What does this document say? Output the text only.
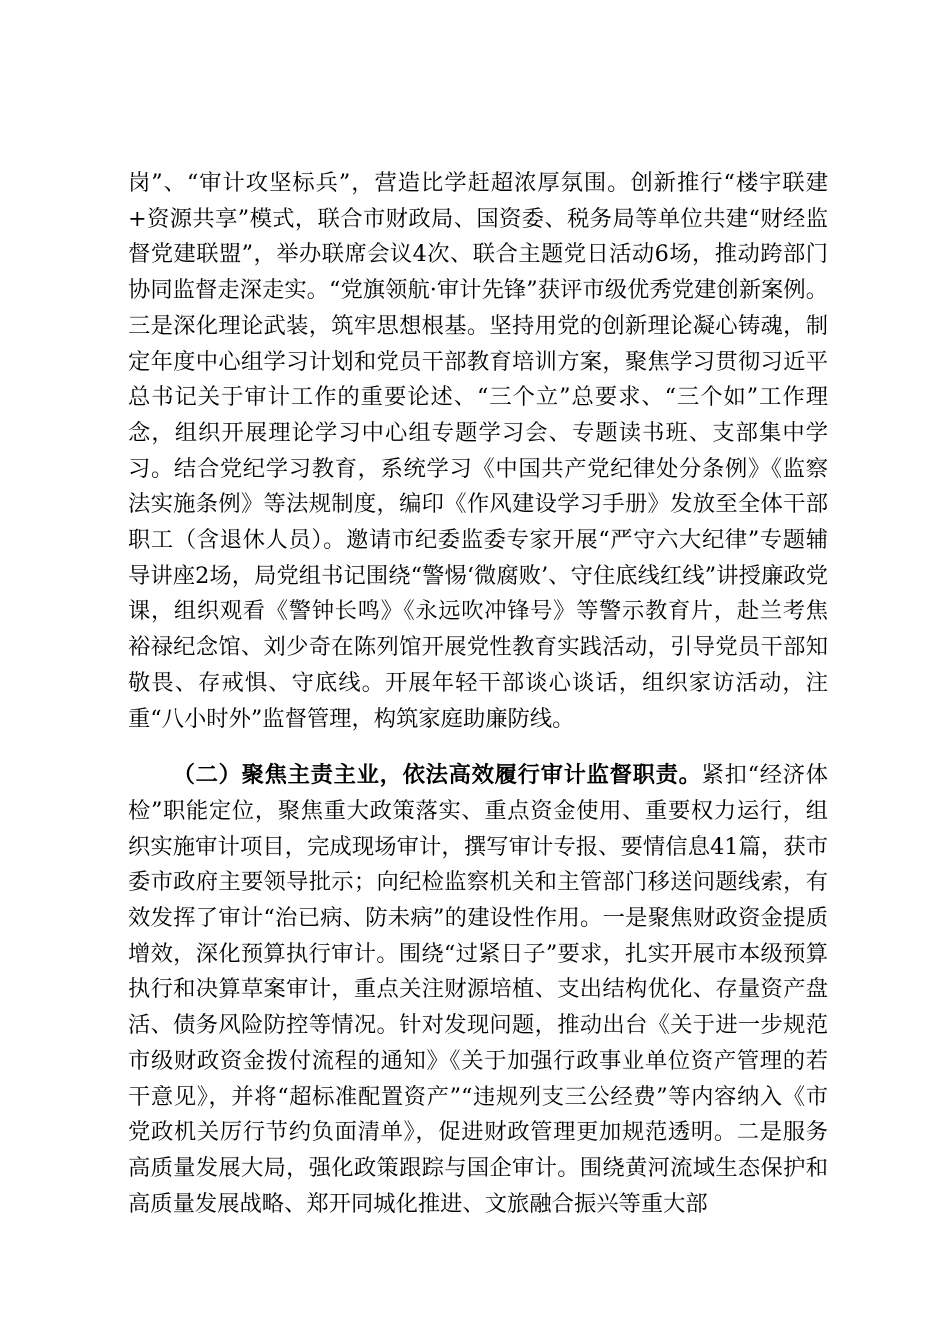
岗”、“审计攻坚标兵”，营造比学赶超浓厚氛围。创新推行“楼宇联建+资源共享”模式，联合市财政局、国资委、税务局等单位共建“财经监督党建联盟”，举办联席会议4次、联合主题党日活动6场，推动跨部门协同监督走深走实。“党旗领航·审计先锋”获评市级优秀党建创新案例。三是深化理论武装，筑牢思想根基。坚持用党的创新理论凝心铸魂，制定年度中心组学习计划和党员干部教育培训方案，聚焦学习贯彻习近平总书记关于审计工作的重要论述、“三个立”总要求、“三个如”工作理念，组织开展理论学习中心组专题学习会、专题读书班、支部集中学习。结合党纪学习教育，系统学习《中国共产党纪律处分条例》《监察法实施条例》等法规制度，编印《作风建设学习手册》发放至全体干部职工（含退休人员）。邀请市纪委监委专家开展“严守六大纪律”专题辅导讲座2场，局党组书记围绕“警惕‘微腐败’、守住底线红线”讲授廉政党课，组织观看《警钟长鸣》《永远吹冲锋号》等警示教育片，赴兰考焦裕禄纪念馆、刘少奇在陈列馆开展党性教育实践活动，引导党员干部知敬畏、存戒惧、守底线。开展年轻干部谈心谈话，组织家访活动，注重“八小时外”监督管理，构筑家庭助廉防线。

（二）聚焦主责主业，依法高效履行审计监督职责。紧扣“经济体检”职能定位，聚焦重大政策落实、重点资金使用、重要权力运行，组织实施审计项目，完成现场审计，撰写审计专报、要情信息41篇，获市委市政府主要领导批示；向纪检监察机关和主管部门移送问题线索，有效发挥了审计“治已病、防未病”的建设性作用。一是聚焦财政资金提质增效，深化预算执行审计。围绕“过紧日子”要求，扎实开展市本级预算执行和决算草案审计，重点关注财源培植、支出结构优化、存量资产盘活、债务风险防控等情况。针对发现问题，推动出台《关于进一步规范市级财政资金拨付流程的通知》《关于加强行政事业单位资产管理的若干意见》，并将“超标准配置资产”“违规列支三公经费”等内容纳入《市党政机关厉行节约负面清单》，促进财政管理更加规范透明。二是服务高质量发展大局，强化政策跟踪与国企审计。围绕黄河流域生态保护和高质量发展战略、郑开同城化推进、文旅融合振兴等重大部
